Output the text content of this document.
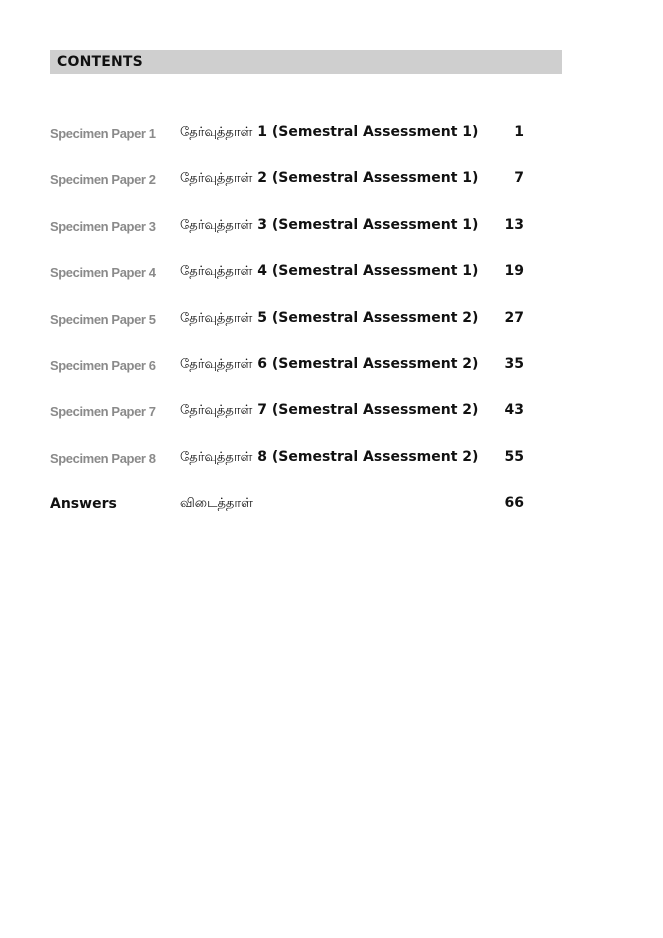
CONTENTS
Specimen Paper 1 தேர்வுத்தாள் 1 (Semestral Assessment 1)	1
Specimen Paper 2 தேர்வுத்தாள் 2 (Semestral Assessment 1)	7
Specimen Paper 3 தேர்வுத்தாள் 3 (Semestral Assessment 1) 13
Specimen Paper 4 தேர்வுத்தாள் 4 (Semestral Assessment 1) 19
Specimen Paper 5 தேர்வுத்தாள் 5 (Semestral Assessment 2) 27
Specimen Paper 6 தேர்வுத்தாள் 6 (Semestral Assessment 2) 35
Specimen Paper 7 தேர்வுத்தாள் 7 (Semestral Assessment 2) 43
Specimen Paper 8 தேர்வுத்தாள் 8 (Semestral Assessment 2) 55
Answers	விடைத்தாள்	66
